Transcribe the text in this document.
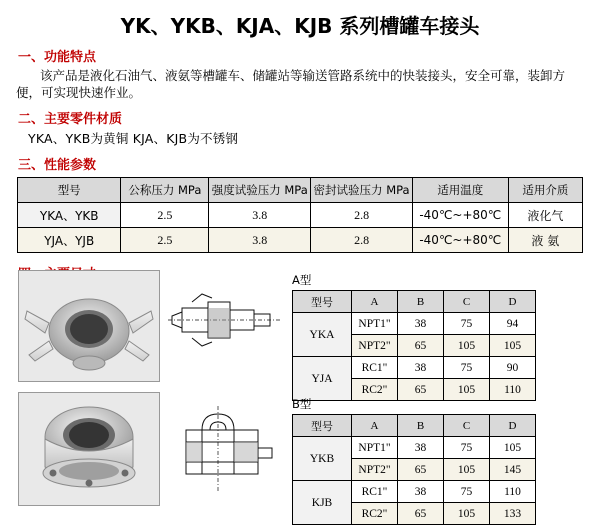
YK、YKB、KJA、KJB 系列槽罐车接头
一、功能特点
该产品是液化石油气、液氨等槽罐车、储罐站等输送管路系统中的快装接头，安全可靠，装卸方便，可实现快速作业。
二、主要零件材质
YKA、YKB为黄铜 KJA、KJB为不锈钢
三、性能参数
型号	公称压力 MPa	强度试验压力 MPa	密封试验压力 MPa	适用温度	适用介质
YKA、YKB	2.5	3.8	2.8	-40℃~+80℃	液化气
YJA、YJB	2.5	3.8	2.8	-40℃~+80℃	液 氨
A型
型号	A	B	C	D
YKA	NPT1"	38	75	94
	NPT2"	65	105	105
YJA	RC1"	38	75	90
	RC2"	65	105	110
B型
型号	A	B	C	D
YKB	NPT1"	38	75	105
	NPT2"	65	105	145
KJB	RC1"	38	75	110
	RC2"	65	105	133
